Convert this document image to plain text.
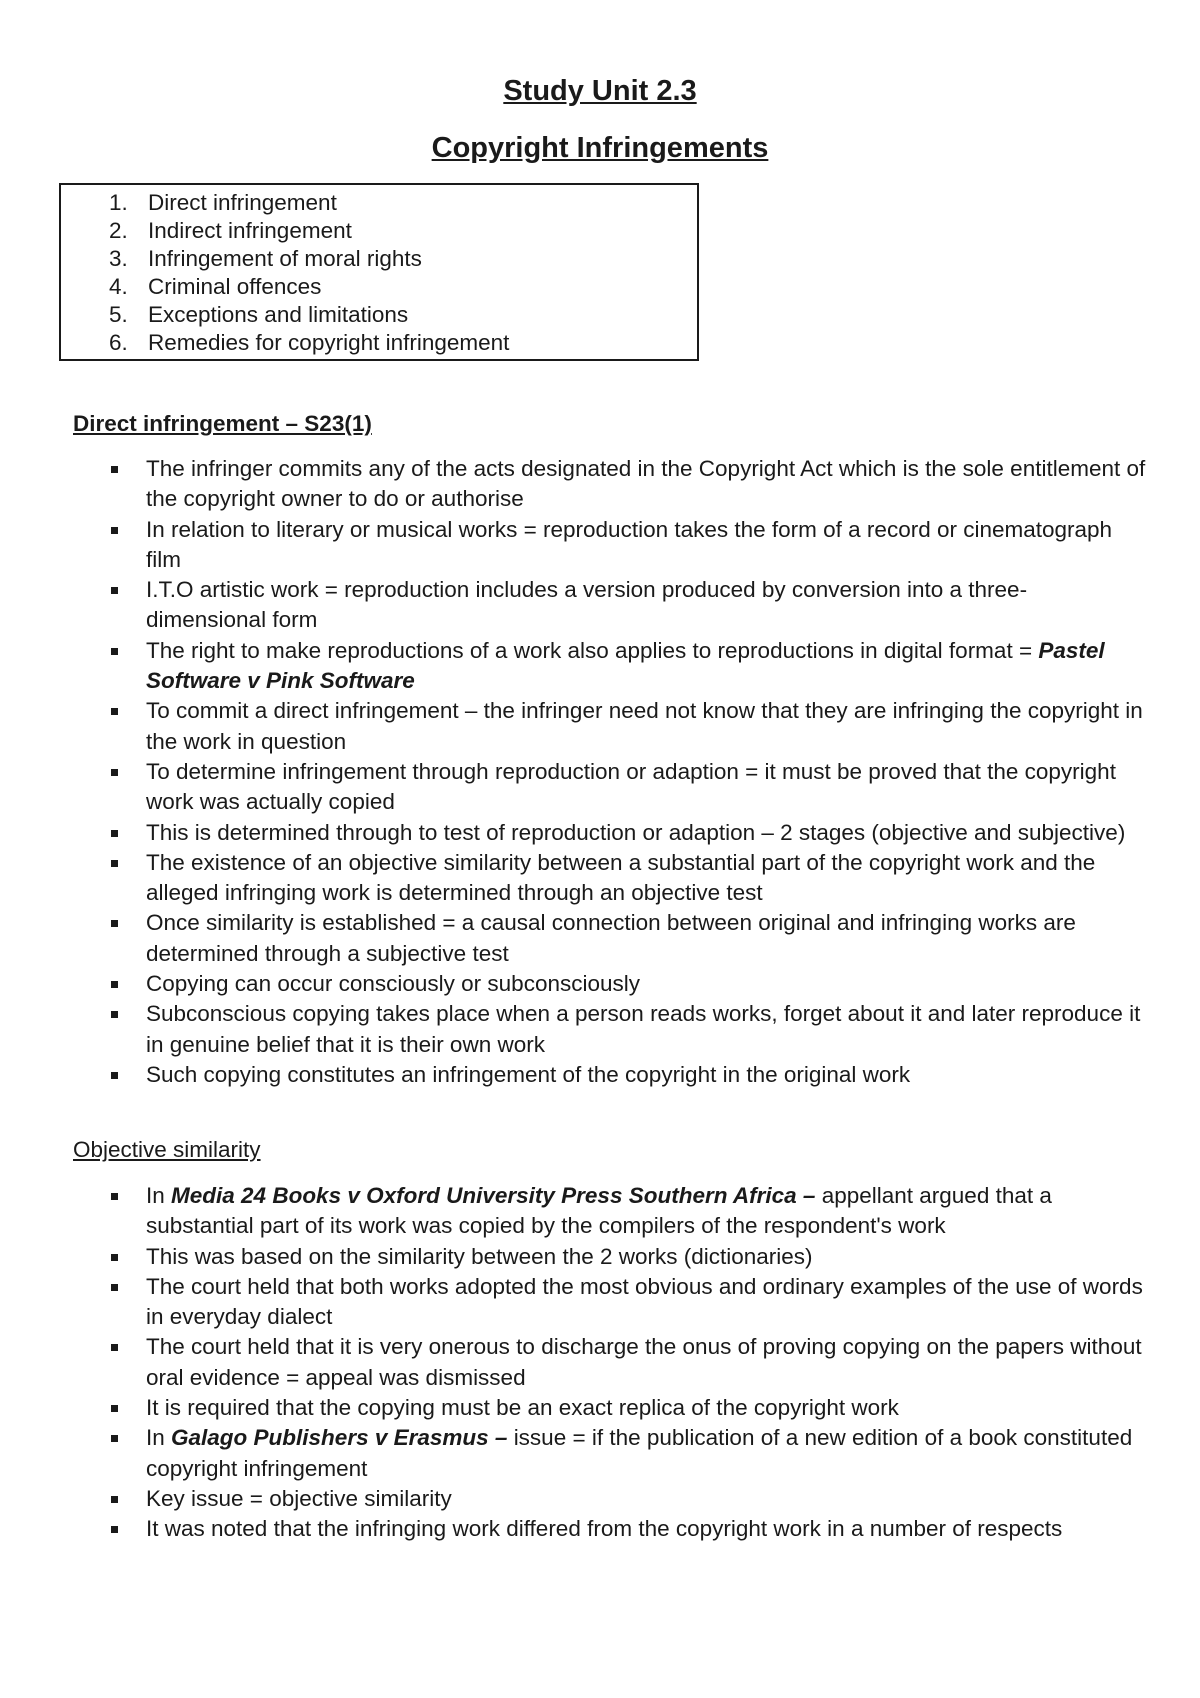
Study Unit 2.3
Copyright Infringements
1. Direct infringement
2. Indirect infringement
3. Infringement of moral rights
4. Criminal offences
5. Exceptions and limitations
6. Remedies for copyright infringement
Direct infringement – S23(1)
The infringer commits any of the acts designated in the Copyright Act which is the sole entitlement of the copyright owner to do or authorise
In relation to literary or musical works = reproduction takes the form of a record or cinematograph film
I.T.O artistic work = reproduction includes a version produced by conversion into a three-dimensional form
The right to make reproductions of a work also applies to reproductions in digital format = Pastel Software v Pink Software
To commit a direct infringement – the infringer need not know that they are infringing the copyright in the work in question
To determine infringement through reproduction or adaption = it must be proved that the copyright work was actually copied
This is determined through to test of reproduction or adaption – 2 stages (objective and subjective)
The existence of an objective similarity between a substantial part of the copyright work and the alleged infringing work is determined through an objective test
Once similarity is established = a causal connection between original and infringing works are determined through a subjective test
Copying can occur consciously or subconsciously
Subconscious copying takes place when a person reads works, forget about it and later reproduce it in genuine belief that it is their own work
Such copying constitutes an infringement of the copyright in the original work
Objective similarity
In Media 24 Books v Oxford University Press Southern Africa – appellant argued that a substantial part of its work was copied by the compilers of the respondent's work
This was based on the similarity between the 2 works (dictionaries)
The court held that both works adopted the most obvious and ordinary examples of the use of words in everyday dialect
The court held that it is very onerous to discharge the onus of proving copying on the papers without oral evidence = appeal was dismissed
It is required that the copying must be an exact replica of the copyright work
In Galago Publishers v Erasmus – issue = if the publication of a new edition of a book constituted copyright infringement
Key issue = objective similarity
It was noted that the infringing work differed from the copyright work in a number of respects
